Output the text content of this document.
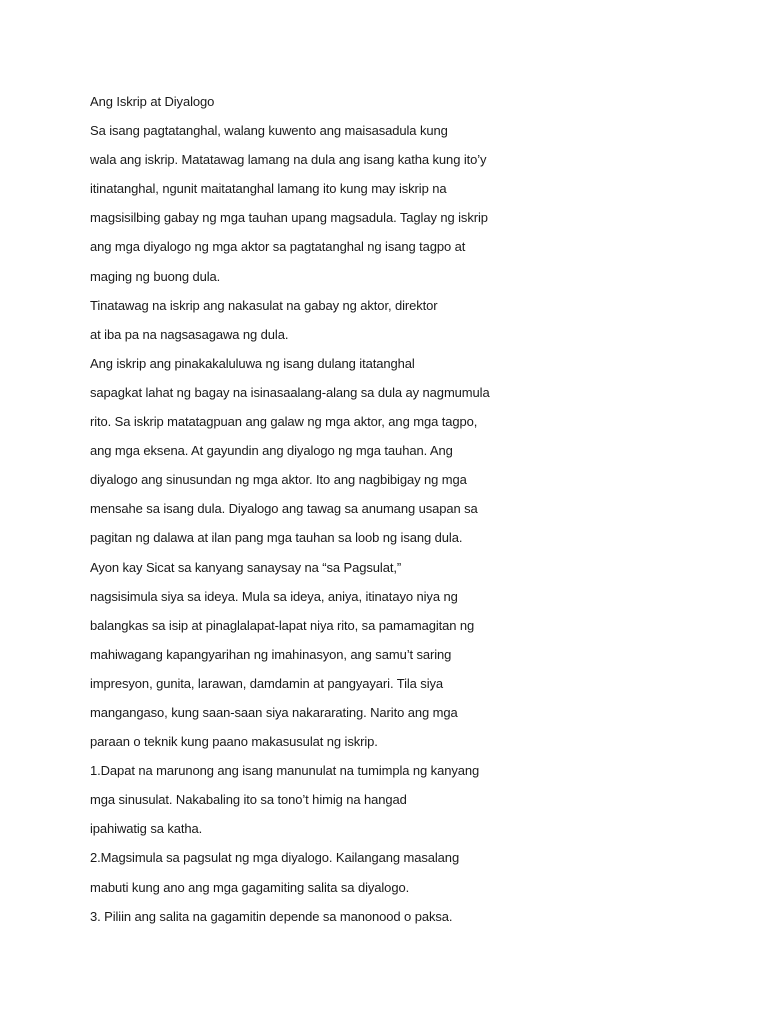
Ang Iskrip at Diyalogo
Sa isang pagtatanghal, walang kuwento ang maisasadula kung
wala ang iskrip. Matatawag lamang na dula ang isang katha kung ito’y
itinatanghal, ngunit maitatanghal lamang ito kung may iskrip na
magsisilbing gabay ng mga tauhan upang magsadula. Taglay ng iskrip
ang mga diyalogo ng mga aktor sa pagtatanghal ng isang tagpo at
maging ng buong dula.
Tinatawag na iskrip ang nakasulat na gabay ng aktor, direktor
at iba pa na nagsasagawa ng dula.
Ang iskrip ang pinakakaluluwa ng isang dulang itatanghal
sapagkat lahat ng bagay na isinasaalang-alang sa dula ay nagmumula
rito. Sa iskrip matatagpuan ang galaw ng mga aktor, ang mga tagpo,
ang mga eksena. At gayundin ang diyalogo ng mga tauhan. Ang
diyalogo ang sinusundan ng mga aktor. Ito ang nagbibigay ng mga
mensahe sa isang dula. Diyalogo ang tawag sa anumang usapan sa
pagitan ng dalawa at ilan pang mga tauhan sa loob ng isang dula.
Ayon kay Sicat sa kanyang sanaysay na “sa Pagsulat,”
nagsisimula siya sa ideya. Mula sa ideya, aniya, itinatayo niya ng
balangkas sa isip at pinaglalapat-lapat niya rito, sa pamamagitan ng
mahiwagang kapangyarihan ng imahinasyon, ang samu’t saring
impresyon, gunita, larawan, damdamin at pangyayari. Tila siya
mangangaso, kung saan-saan siya nakararating. Narito ang mga
paraan o teknik kung paano makasusulat ng iskrip.
1.Dapat na marunong ang isang manunulat na tumimpla ng kanyang
mga sinusulat. Nakabaling ito sa tono’t himig na hangad
ipahiwatig sa katha.
2.Magsimula sa pagsulat ng mga diyalogo. Kailangang masalang
mabuti kung ano ang mga gagamiting salita sa diyalogo.
3. Piliin ang salita na gagamitin depende sa manonood o paksa.
